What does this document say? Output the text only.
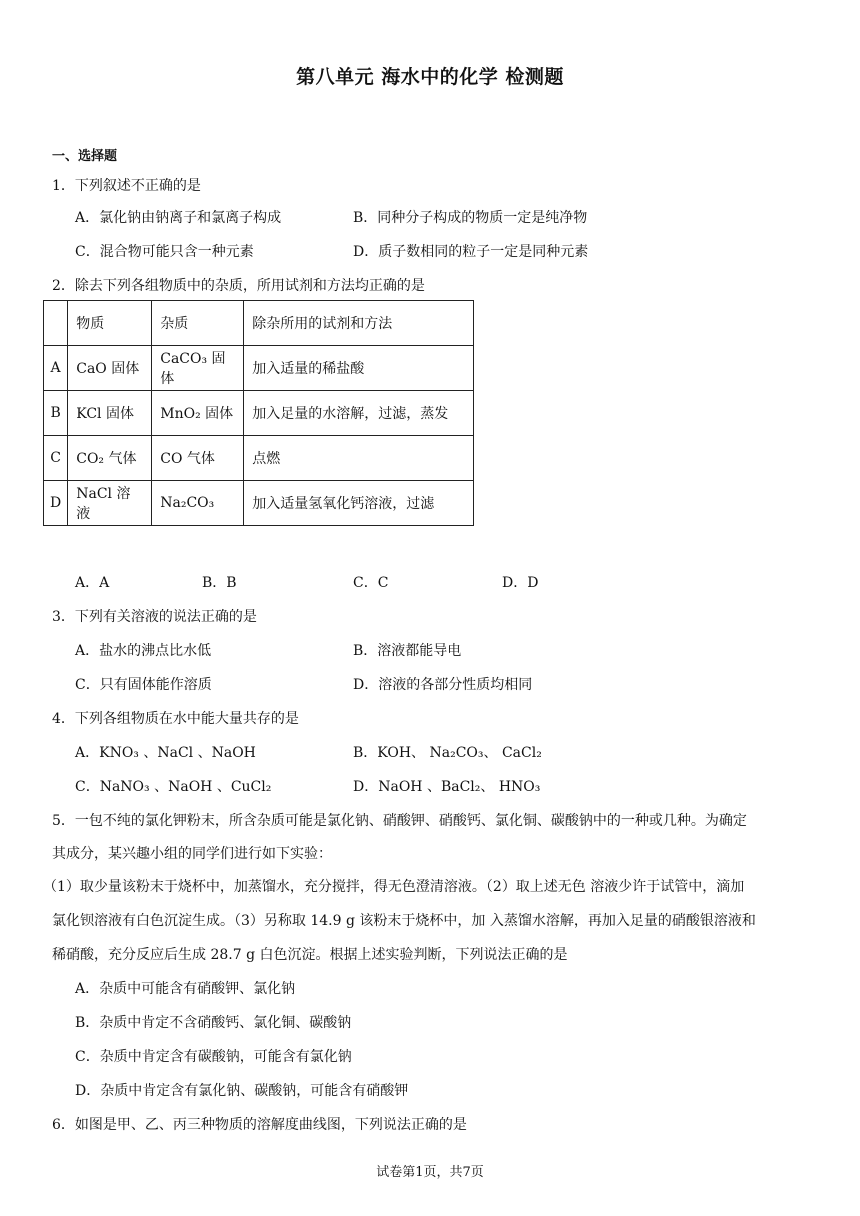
第八单元 海水中的化学 检测题
一、选择题
1．下列叙述不正确的是
A．氯化钠由钠离子和氯离子构成	B．同种分子构成的物质一定是纯净物
C．混合物可能只含一种元素	D．质子数相同的粒子一定是同种元素
2．除去下列各组物质中的杂质，所用试剂和方法均正确的是
	物质	杂质	除杂所用的试剂和方法
A	CaO 固体	CaCO₃ 固体	加入适量的稀盐酸
B	KCl 固体	MnO₂ 固体	加入足量的水溶解，过滤，蒸发
C	CO₂ 气体	CO 气体	点燃
D	NaCl 溶液	Na₂CO₃	加入适量氢氧化钙溶液，过滤
A．A	B．B	C．C	D．D
3．下列有关溶液的说法正确的是
A．盐水的沸点比水低	B．溶液都能导电
C．只有固体能作溶质	D．溶液的各部分性质均相同
4．下列各组物质在水中能大量共存的是
A．KNO₃ 、NaCl 、NaOH	B．KOH、 Na₂CO₃、 CaCl₂
C．NaNO₃ 、NaOH 、CuCl₂	D．NaOH 、BaCl₂、 HNO₃
5．一包不纯的氯化钾粉末，所含杂质可能是氯化钠、硝酸钾、硝酸钙、氯化铜、碳酸钠中的一种或几种。为确定
其成分，某兴趣小组的同学们进行如下实验：
（1）取少量该粉末于烧杯中，加蒸馏水，充分搅拌，得无色澄清溶液。（2）取上述无色 溶液少许于试管中，滴加
氯化钡溶液有白色沉淀生成。（3）另称取 14.9 g 该粉末于烧杯中，加 入蒸馏水溶解，再加入足量的硝酸银溶液和
稀硝酸，充分反应后生成 28.7 g 白色沉淀。根据上述实验判断，下列说法正确的是
A．杂质中可能含有硝酸钾、氯化钠
B．杂质中肯定不含硝酸钙、氯化铜、碳酸钠
C．杂质中肯定含有碳酸钠，可能含有氯化钠
D．杂质中肯定含有氯化钠、碳酸钠，可能含有硝酸钾
6．如图是甲、乙、丙三种物质的溶解度曲线图，下列说法正确的是
试卷第1页，共7页
